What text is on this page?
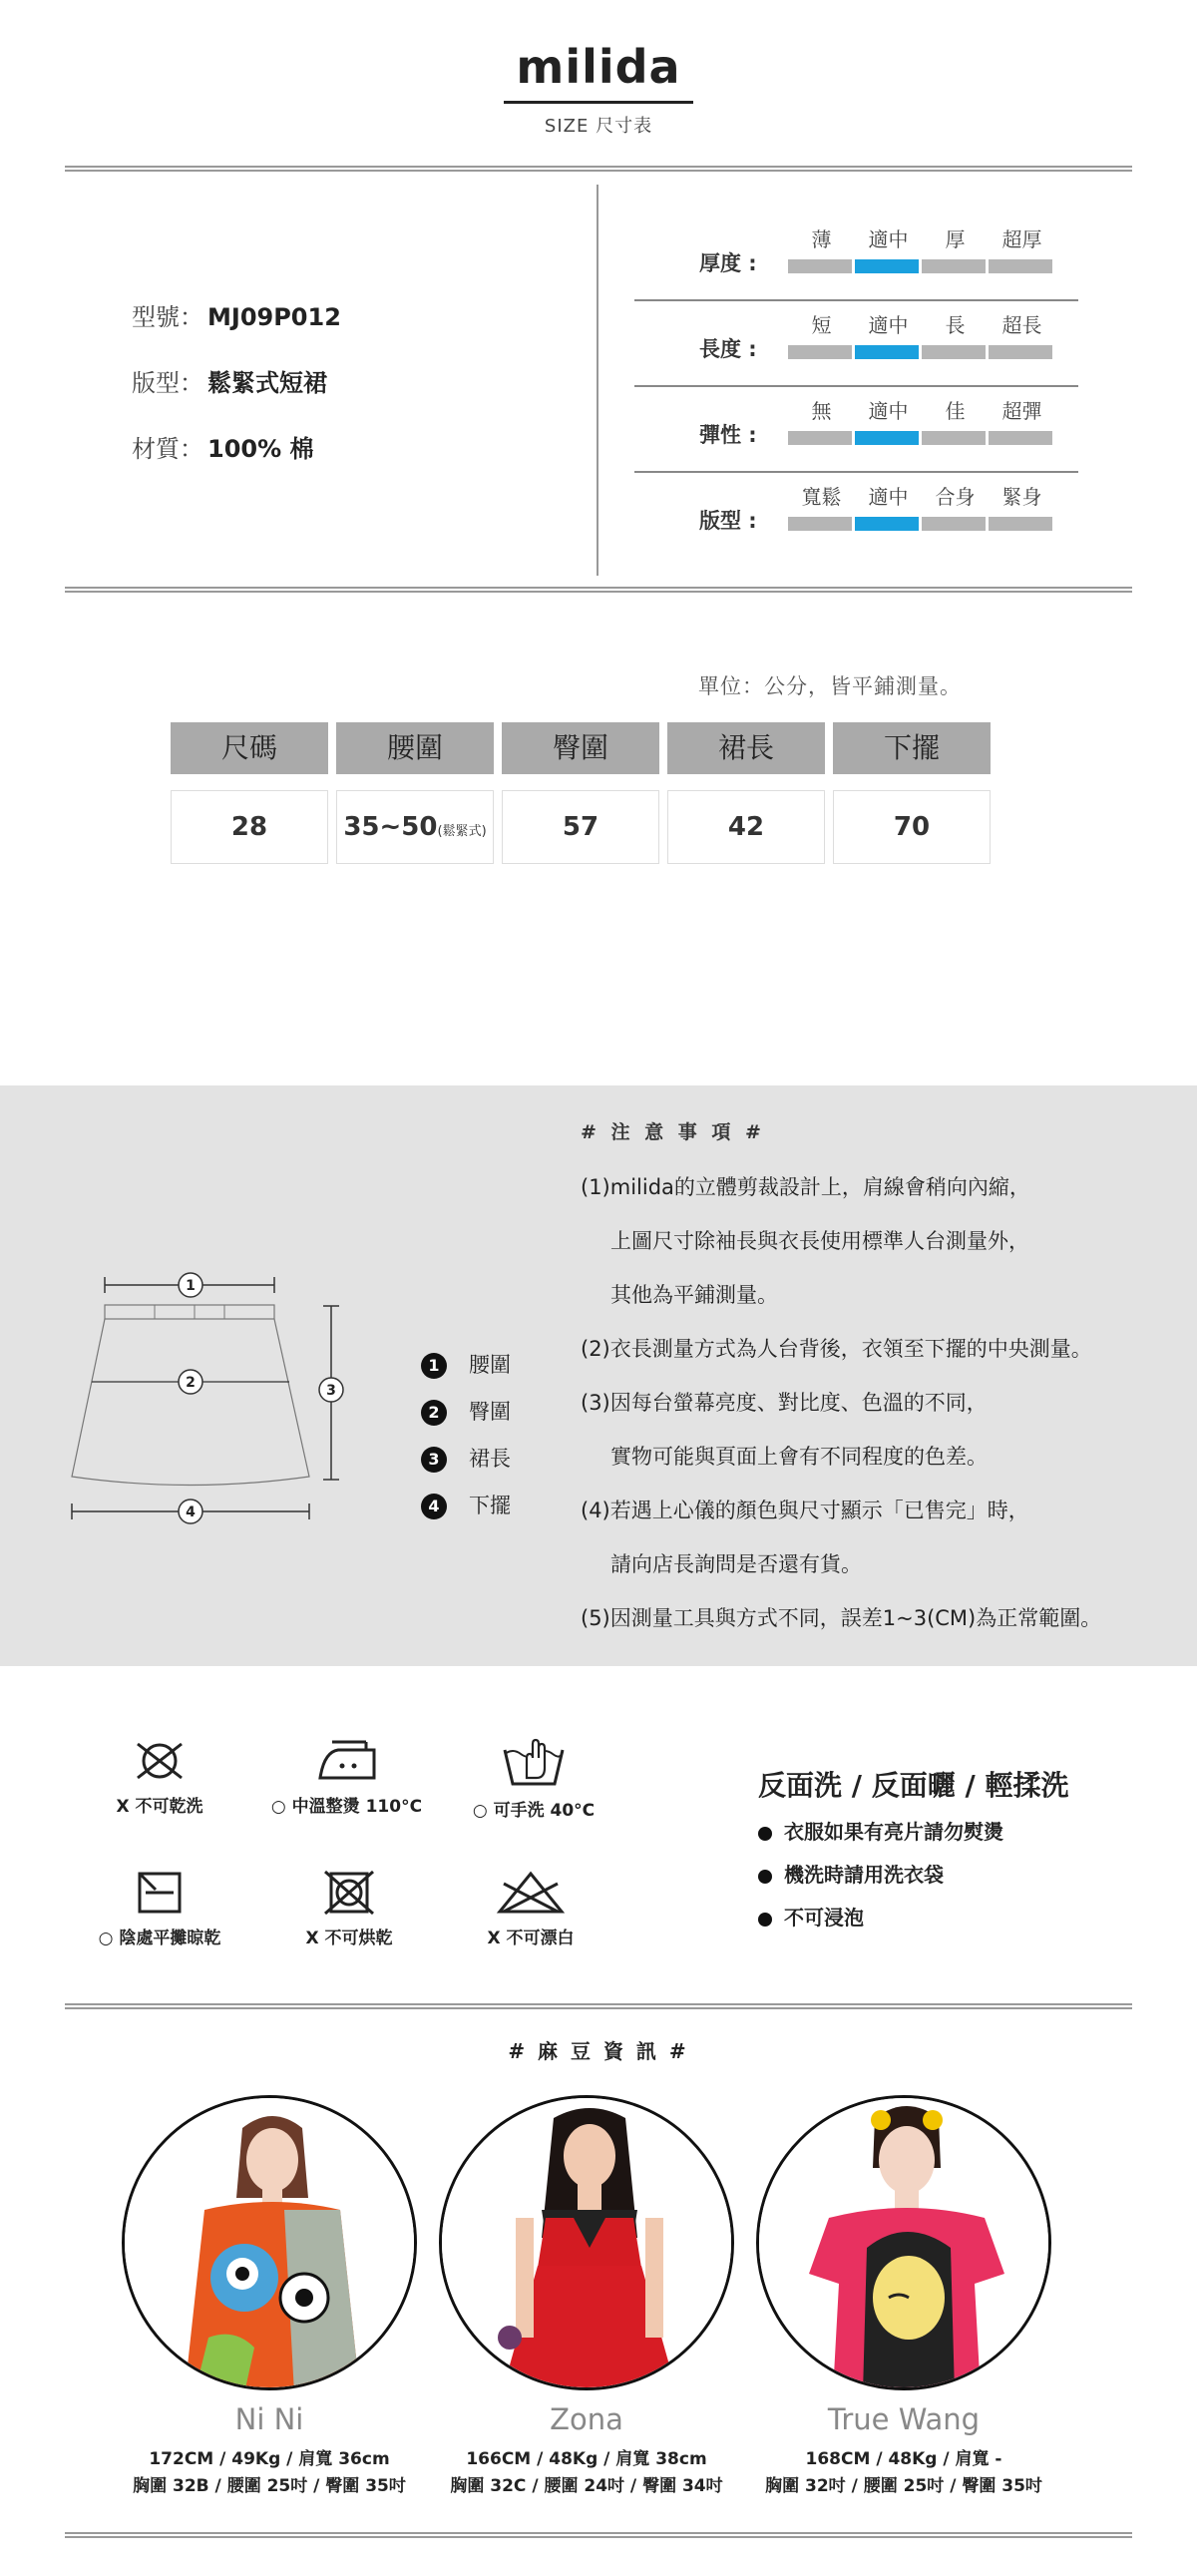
milida
SIZE 尺寸表
型號： MJ09P012
版型： 鬆緊式短裙
材質： 100% 棉
厚度 :
薄	適中	厚	超厚
長度 :
短	適中	長	超長
彈性 :
無	適中	佳	超彈
版型 :
寬鬆	適中	合身	緊身
單位：公分，皆平鋪測量。
尺碼	腰圍	臀圍	裙長	下擺
28	35~50(鬆緊式)	57	42	70
1
2	3
4
1 腰圍
2 臀圍
3 裙長
4 下擺
# 注 意 事 項 #
(1)milida的立體剪裁設計上，肩線會稍向內縮，
上圖尺寸除袖長與衣長使用標準人台測量外，
其他為平鋪測量。
(2)衣長測量方式為人台背後，衣領至下擺的中央測量。
(3)因每台螢幕亮度、對比度、色溫的不同，
實物可能與頁面上會有不同程度的色差。
(4)若遇上心儀的顏色與尺寸顯示「已售完」時，
請向店長詢問是否還有貨。
(5)因測量工具與方式不同，誤差1~3(CM)為正常範圍。
X 不可乾洗	○ 中溫整燙 110°C	○ 可手洗 40°C
○ 陰處平攤晾乾	X 不可烘乾	X 不可漂白
反面洗 / 反面曬 / 輕揉洗
衣服如果有亮片請勿熨燙
機洗時請用洗衣袋
不可浸泡
# 麻 豆 資 訊 #
Ni Ni
172CM / 49Kg / 肩寬 36cm
胸圍 32B / 腰圍 25吋 / 臀圍 35吋
Zona
166CM / 48Kg / 肩寬 38cm
胸圍 32C / 腰圍 24吋 / 臀圍 34吋
True Wang
168CM / 48Kg / 肩寬 -
胸圍 32吋 / 腰圍 25吋 / 臀圍 35吋
